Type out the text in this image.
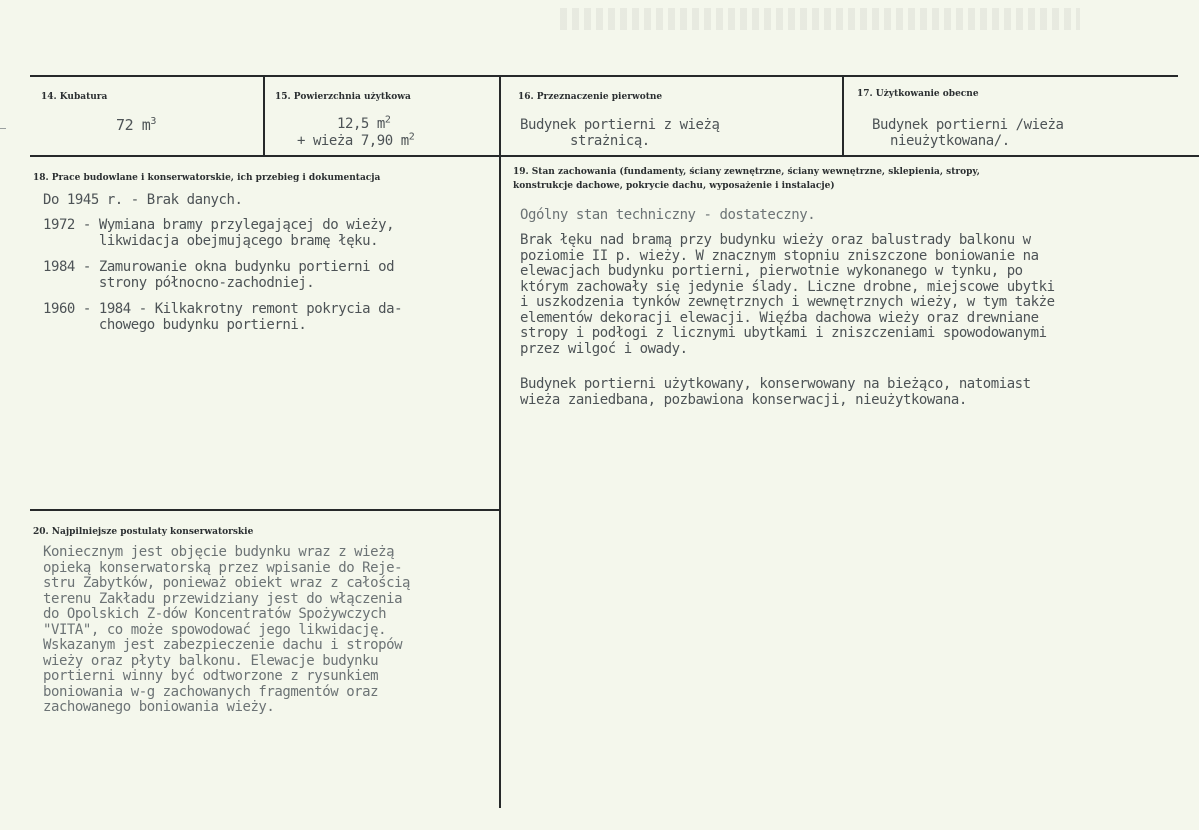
14. Kubatura
72 $m^3$
15. Powierzchnia użytkowa
12,5 $m^2$
+ wieża 7,90 $m^2$
16. Przeznaczenie pierwotne
Budynek portierni z wieżą
strażnicą.
17. Użytkowanie obecne
Budynek portierni /wieża
nieużytkowana/.
18. Prace budowlane i konserwatorskie, ich przebieg i dokumentacja
Do 1945 r. - Brak danych.
1972 - Wymiana bramy przylegającej do wieży,
likwidacja obejmującego bramę łęku.
1984 - Zamurowanie okna budynku portierni od
strony północno-zachodniej.
1960 - 1984 - Kilkakrotny remont pokrycia da-
chowego budynku portierni.
19. Stan zachowania (fundamenty, ściany zewnętrzne, ściany wewnętrzne, sklepienia, stropy,
konstrukcje dachowe, pokrycie dachu, wyposażenie i instalacje)
Ogólny stan techniczny - dostateczny.
Brak łęku nad bramą przy budynku wieży oraz balustrady balkonu w
poziomie II p. wieży. W znacznym stopniu zniszczone boniowanie na
elewacjach budynku portierni, pierwotnie wykonanego w tynku, po
którym zachowały się jedynie ślady. Liczne drobne, miejscowe ubytki
i uszkodzenia tynków zewnętrznych i wewnętrznych wieży, w tym także
elementów dekoracji elewacji. Więźba dachowa wieży oraz drewniane
stropy i podłogi z licznymi ubytkami i zniszczeniami spowodowanymi
przez wilgoć i owady.
Budynek portierni użytkowany, konserwowany na bieżąco, natomiast
wieża zaniedbana, pozbawiona konserwacji, nieużytkowana.
20. Najpilniejsze postulaty konserwatorskie
Koniecznym jest objęcie budynku wraz z wieżą
opieką konserwatorską przez wpisanie do Reje-
stru Zabytków, ponieważ obiekt wraz z całością
terenu Zakładu przewidziany jest do włączenia
do Opolskich Z-dów Koncentratów Spożywczych
"VITA", co może spowodować jego likwidację.
Wskazanym jest zabezpieczenie dachu i stropów
wieży oraz płyty balkonu. Elewacje budynku
portierni winny być odtworzone z rysunkiem
boniowania w-g zachowanych fragmentów oraz
zachowanego boniowania wieży.
